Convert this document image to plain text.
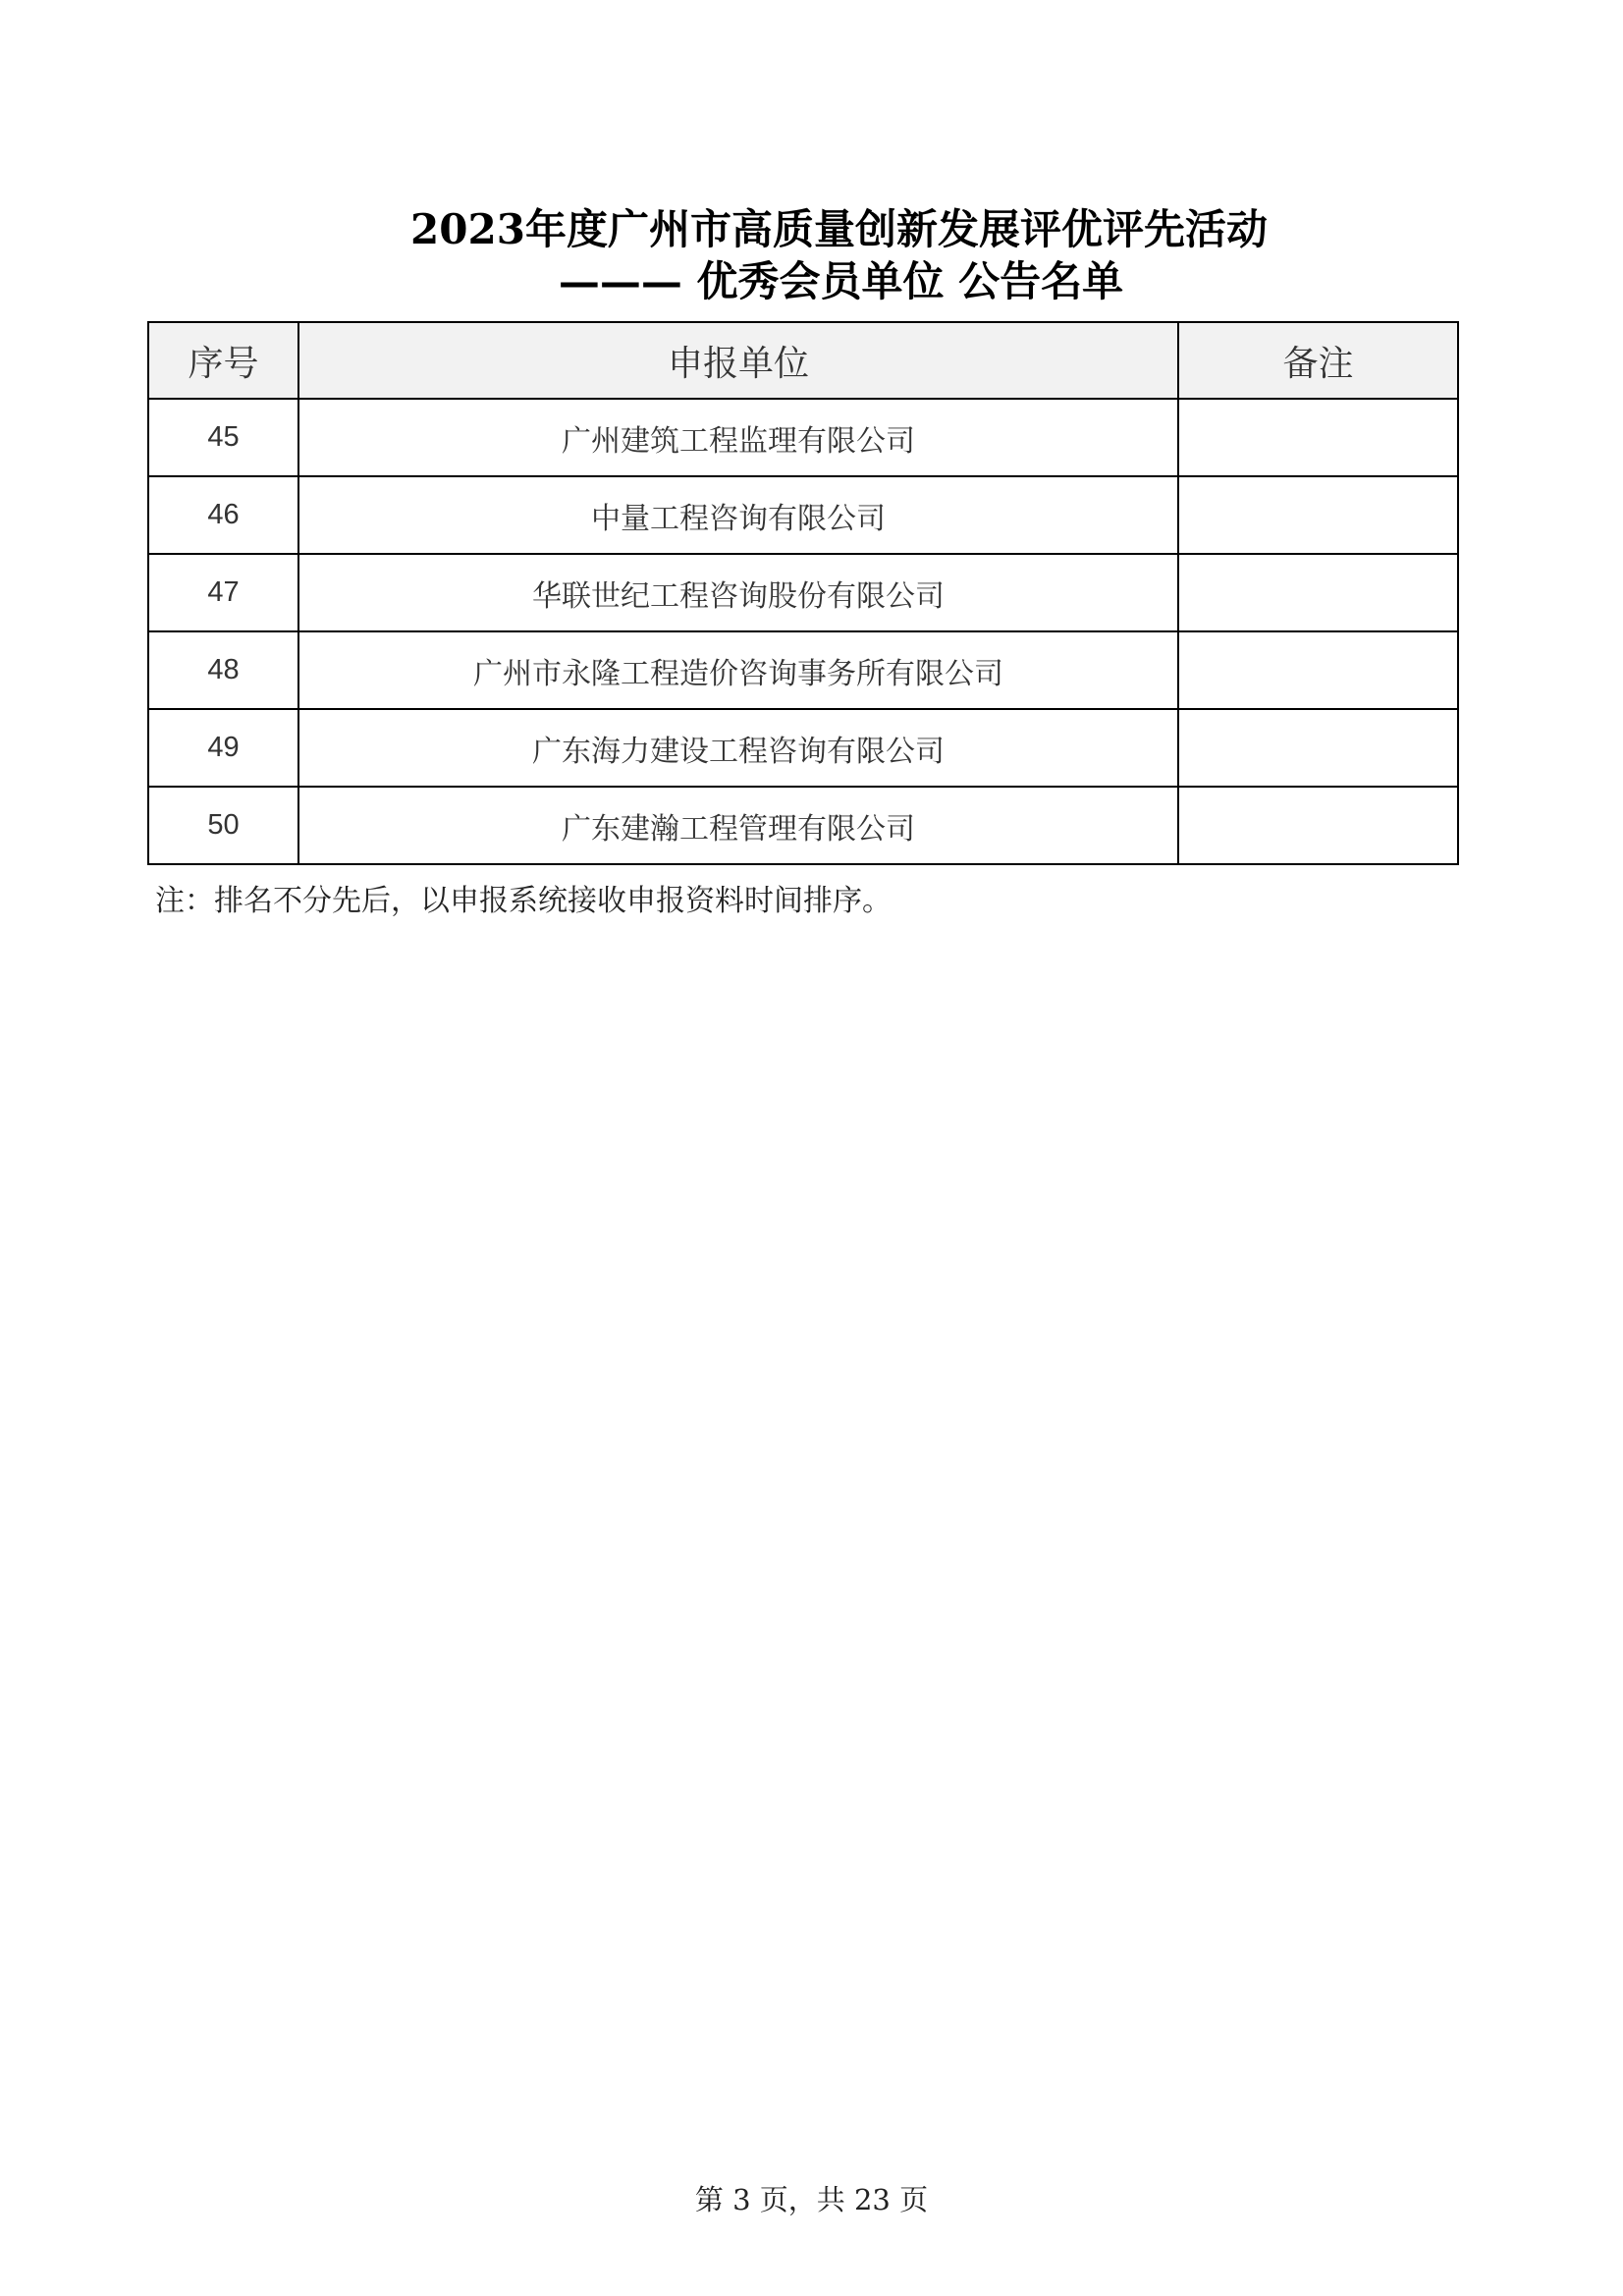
2023年度广州市高质量创新发展评优评先活动
——— 优秀会员单位 公告名单
序号	申报单位	备注
45	广州建筑工程监理有限公司	
46	中量工程咨询有限公司	
47	华联世纪工程咨询股份有限公司	
48	广州市永隆工程造价咨询事务所有限公司	
49	广东海力建设工程咨询有限公司	
50	广东建瀚工程管理有限公司	
注：排名不分先后，以申报系统接收申报资料时间排序。
第 3 页，共 23 页
